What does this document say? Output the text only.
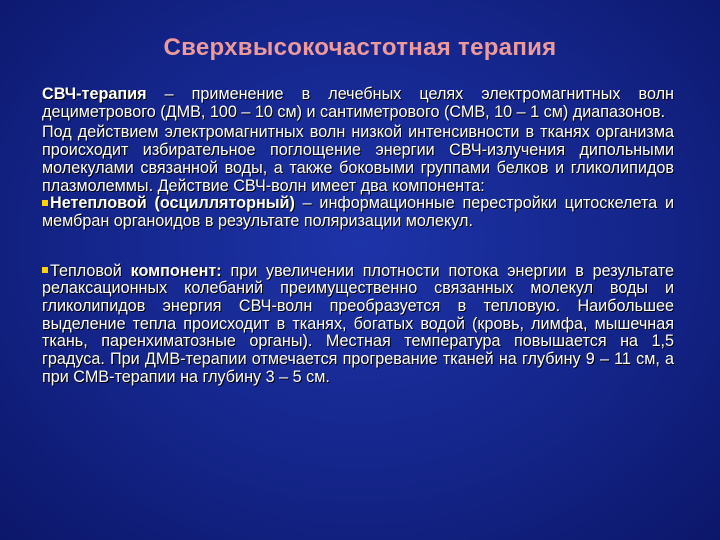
Сверхвысокочастотная терапия

СВЧ-терапия – применение в лечебных целях электромагнитных волн дециметрового (ДМВ, 100 – 10 см) и сантиметрового (СМВ, 10 – 1 см) диапазонов.

Под действием электромагнитных волн низкой интенсивности в тканях организма происходит избирательное поглощение энергии СВЧ-излучения дипольными молекулами связанной воды, а также боковыми группами белков и гликолипидов плазмолеммы. Действие СВЧ-волн имеет два компонента:

Нетепловой (осцилляторный) – информационные перестройки цитоскелета и мембран органоидов в результате поляризации молекул.

Тепловой компонент: при увеличении плотности потока энергии в результате релаксационных колебаний преимущественно связанных молекул воды и гликолипидов энергия СВЧ-волн преобразуется в тепловую. Наибольшее выделение тепла происходит в тканях, богатых водой (кровь, лимфа, мышечная ткань, паренхиматозные органы). Местная температура повышается на 1,5 градуса. При ДМВ-терапии отмечается прогревание тканей на глубину 9 – 11 см, а при СМВ-терапии на глубину 3 – 5 см.
